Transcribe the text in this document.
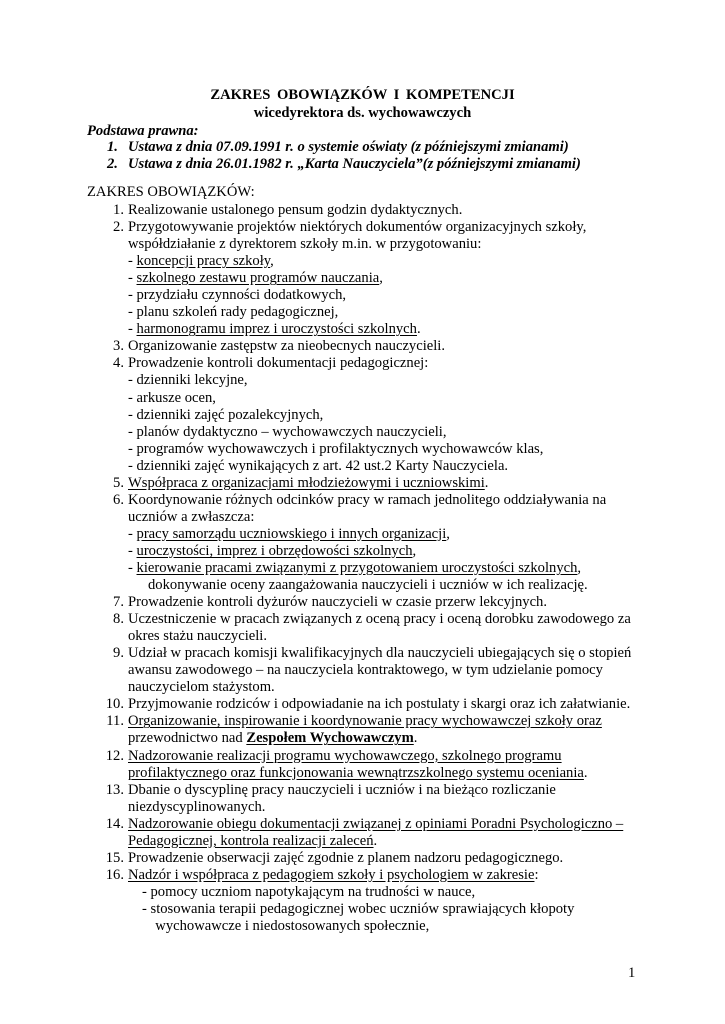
ZAKRES OBOWIĄZKÓW I KOMPETENCJI
wicedyrektora ds. wychowawczych
Podstawa prawna:
1. Ustawa z dnia 07.09.1991 r. o systemie oświaty (z późniejszymi zmianami)
2. Ustawa z dnia 26.01.1982 r. „Karta Nauczyciela”(z późniejszymi zmianami)
ZAKRES OBOWIĄZKÓW:
1. Realizowanie ustalonego pensum godzin dydaktycznych.
2. Przygotowywanie projektów niektórych dokumentów organizacyjnych szkoły,
współdziałanie z dyrektorem szkoły m.in. w przygotowaniu:
- koncepcji pracy szkoły,
- szkolnego zestawu programów nauczania,
- przydziału czynności dodatkowych,
- planu szkoleń rady pedagogicznej,
- harmonogramu imprez i uroczystości szkolnych.
3. Organizowanie zastępstw za nieobecnych nauczycieli.
4. Prowadzenie kontroli dokumentacji pedagogicznej:
- dzienniki lekcyjne,
- arkusze ocen,
- dzienniki zajęć pozalekcyjnych,
- planów dydaktyczno – wychowawczych nauczycieli,
- programów wychowawczych i profilaktycznych wychowawców klas,
- dzienniki zajęć wynikających z art. 42 ust.2 Karty Nauczyciela.
5. Współpraca z organizacjami młodzieżowymi i uczniowskimi.
6. Koordynowanie różnych odcinków pracy w ramach jednolitego oddziaływania na
uczniów a zwłaszcza:
- pracy samorządu uczniowskiego i innych organizacji,
- uroczystości, imprez i obrzędowości szkolnych,
- kierowanie pracami związanymi z przygotowaniem uroczystości szkolnych,
dokonywanie oceny zaangażowania nauczycieli i uczniów w ich realizację.
7. Prowadzenie kontroli dyżurów nauczycieli w czasie przerw lekcyjnych.
8. Uczestniczenie w pracach związanych z oceną pracy i oceną dorobku zawodowego za
okres stażu nauczycieli.
9. Udział w pracach komisji kwalifikacyjnych dla nauczycieli ubiegających się o stopień
awansu zawodowego – na nauczyciela kontraktowego, w tym udzielanie pomocy
nauczycielom stażystom.
10. Przyjmowanie rodziców i odpowiadanie na ich postulaty i skargi oraz ich załatwianie.
11. Organizowanie, inspirowanie i koordynowanie pracy wychowawczej szkoły oraz
przewodnictwo nad Zespołem Wychowawczym.
12. Nadzorowanie realizacji programu wychowawczego, szkolnego programu
profilaktycznego oraz funkcjonowania wewnątrzszkolnego systemu oceniania.
13. Dbanie o dyscyplinę pracy nauczycieli i uczniów i na bieżąco rozliczanie
niezdyscyplinowanych.
14. Nadzorowanie obiegu dokumentacji związanej z opiniami Poradni Psychologiczno –
Pedagogicznej, kontrola realizacji zaleceń.
15. Prowadzenie obserwacji zajęć zgodnie z planem nadzoru pedagogicznego.
16. Nadzór i współpraca z pedagogiem szkoły i psychologiem w zakresie:
- pomocy uczniom napotykającym na trudności w nauce,
- stosowania terapii pedagogicznej wobec uczniów sprawiających kłopoty
wychowawcze i niedostosowanych społecznie,
1
